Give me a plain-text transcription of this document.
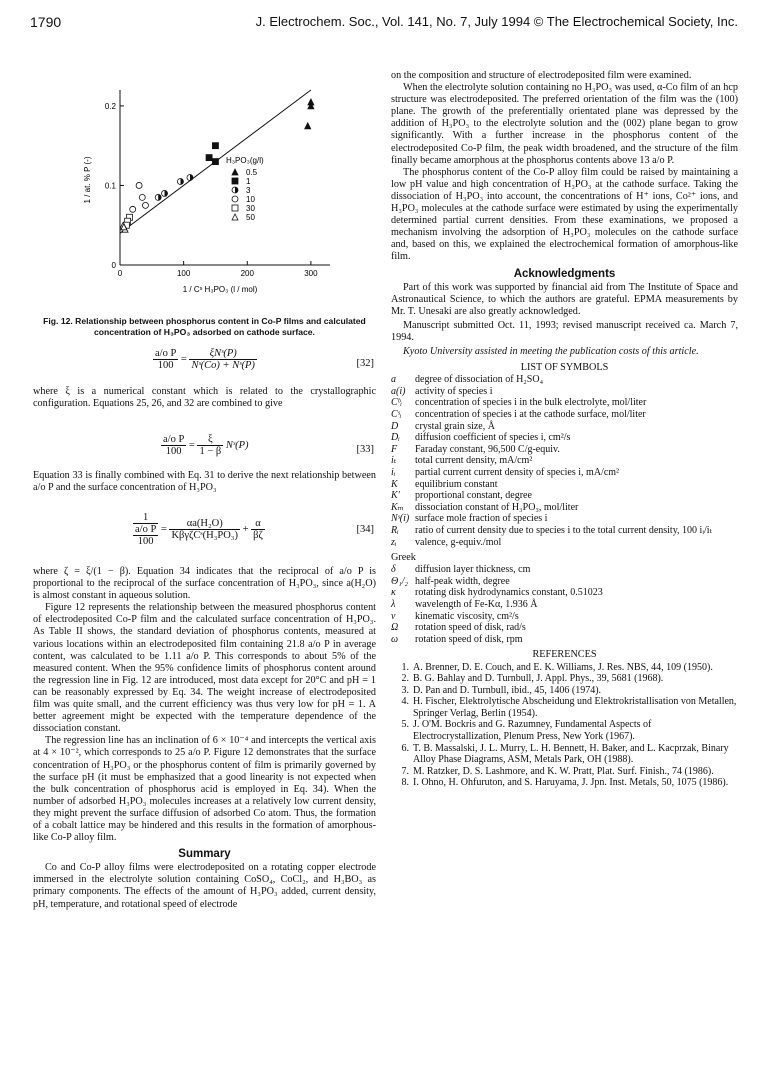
1790	J. Electrochem. Soc., Vol. 141, No. 7, July 1994 © The Electrochemical Society, Inc.
0.2
0.1
0
0	100	200	300
1 / at. % P (-)
1 / Cˢ H₃PO₃ (l / mol)
H₃PO₃(g/l)
0.5
1
3
10
30
50
Fig. 12. Relationship between phosphorus content in Co-P films and calculated concentration of H₃PO₃ adsorbed on cathode surface.
$\frac{\text{a/o P}}{100} = \frac{\text{ξNˢ(P)}}{\text{Nˢ(Co) + Nˢ(P)}}$	[32]
where ξ is a numerical constant which is related to the crystallographic configuration. Equations 25, 26, and 32 are combined to give
$\frac{\text{a/o P}}{100} = \frac{\xi}{1 - \beta}$ Nˢ(P)	[33]
Equation 33 is finally combined with Eq. 31 to derive the next relationship between a/o P and the surface concentration of H₃PO₃
1
a/o P
100
= $\frac{\text{αa(H₂O)}}{\text{KβγζCˢ(H₃PO₃)}} + \frac{\alpha}{\beta\zeta}$	[34]

where ζ = ξ/(1 − β). Equation 34 indicates that the reciprocal of a/o P is proportional to the reciprocal of the surface concentration of H₃PO₃, since a(H₂O) is almost constant in aqueous solution.

Figure 12 represents the relationship between the measured phosphorus content of electrodeposited Co-P film and the calculated surface concentration of H₃PO₃. As Table II shows, the standard deviation of phosphorus contents, measured at various locations within an electrodeposited film containing 21.8 a/o P in average content, was calculated to be 1.11 a/o P. This corresponds to about 5% of the measured content. When the 95% confidence limits of phosphorus content around the regression line in Fig. 12 are introduced, most data except for 20°C and pH = 1 can be reasonably expressed by Eq. 34. The weight increase of electrodeposited film was quite small, and the current efficiency was thus very low for pH = 1. A better agreement might be expected with the temperature dependence of the dissociation constant.

The regression line has an inclination of 6 × 10⁻⁴ and intercepts the vertical axis at 4 × 10⁻², which corresponds to 25 a/o P. Figure 12 demonstrates that the surface concentration of H₃PO₃ or the phosphorus content of film is primarily governed by the surface pH (it must be emphasized that a good linearity is not expected when the bulk concentration of phosphorus acid is employed in Eq. 34). When the number of adsorbed H₃PO₃ molecules increases at a relatively low current density, they might prevent the surface diffusion of adsorbed Co atom. Thus, the formation of a cobalt lattice may be hindered and this results in the formation of amorphous-like Co-P alloy film.

Summary

Co and Co-P alloy films were electrodeposited on a rotating copper electrode immersed in the electrolyte solution containing CoSO₄, CoCl₂, and H₃BO₃ as primary components. The effects of the amount of H₃PO₃ added, current density, pH, temperature, and rotational speed of electrode

on the composition and structure of electrodeposited film were examined.

When the electrolyte solution containing no H₃PO₃ was used, α-Co film of an hcp structure was electrodeposited. The preferred orientation of the film was the (100) plane. The growth of the preferentially orientated plane was depressed by the addition of H₃PO₃ to the electrolyte solution and the (002) plane began to grow significantly. With a further increase in the phosphorus content of the electrodeposited Co-P film, the peak width broadened, and the structure of the film finally became amorphous at the phosphorus contents above 13 a/o P.

The phosphorus content of the Co-P alloy film could be raised by maintaining a low pH value and high concentration of H₃PO₃ at the cathode surface. Taking the dissociation of H₃PO₃ into account, the concentrations of H⁺ ions, Co²⁺ ions, and H₃PO₃ molecules at the cathode surface were estimated by using the experimentally determined partial current densities. From these examinations, we proposed a mechanism involving the adsorption of H₃PO₃ molecules on the cathode surface and, based on this, we explained the electrochemical formation of amorphous-like film.

Acknowledgments

Part of this work was supported by financial aid from The Institute of Space and Astronautical Science, to which the authors are grateful. EPMA measurements by Mr. T. Unesaki are also greatly acknowledged.

Manuscript submitted Oct. 11, 1993; revised manuscript received ca. March 7, 1994.

Kyoto University assisted in meeting the publication costs of this article.

LIST OF SYMBOLS

a	degree of dissociation of H₂SO₄
a(i) activity of species i
Cᵇᵢ	concentration of species i in the bulk electrolyte, mol/liter
Cˢᵢ	concentration of species i at the cathode surface, mol/liter
D	crystal grain size, Å
Dᵢ	diffusion coefficient of species i, cm²/s
F	Faraday constant, 96,500 C/g-equiv.
iₜ	total current density, mA/cm²
iᵢ	partial current current density of species i, mA/cm²
K	equilibrium constant
K′	proportional constant, degree
Kₘ	dissociation constant of H₃PO₃, mol/liter
Nˢ(i) surface mole fraction of species i
Rᵢ	ratio of current density due to species i to the total current density, 100 iᵢ/iₜ
zᵢ	valence, g-equiv./mol

Greek

δ	diffusion layer thickness, cm
Θ₁/₂ half-peak width, degree
κ	rotating disk hydrodynamics constant, 0.51023
λ	wavelength of Fe-Kα, 1.936 Å
ν	kinematic viscosity, cm²/s
Ω	rotation speed of disk, rad/s
ω	rotation speed of disk, rpm

REFERENCES

1. A. Brenner, D. E. Couch, and E. K. Williams, J. Res. NBS, 44, 109 (1950).
2. B. G. Bahlay and D. Turnbull, J. Appl. Phys., 39, 5681 (1968).
3. D. Pan and D. Turnbull, ibid., 45, 1406 (1974).
4. H. Fischer, Elektrolytische Abscheidung und Elektrokristallisation von Metallen, Springer Verlag, Berlin (1954).
5. J. O'M. Bockris and G. Razumney, Fundamental Aspects of Electrocrystallization, Plenum Press, New York (1967).
6. T. B. Massalski, J. L. Murry, L. H. Bennett, H. Baker, and L. Kacprzak, Binary Alloy Phase Diagrams, ASM, Metals Park, OH (1988).
7. M. Ratzker, D. S. Lashmore, and K. W. Pratt, Plat. Surf. Finish., 74 (1986).
8. I. Ohno, H. Ohfuruton, and S. Haruyama, J. Jpn. Inst. Metals, 50, 1075 (1986).
